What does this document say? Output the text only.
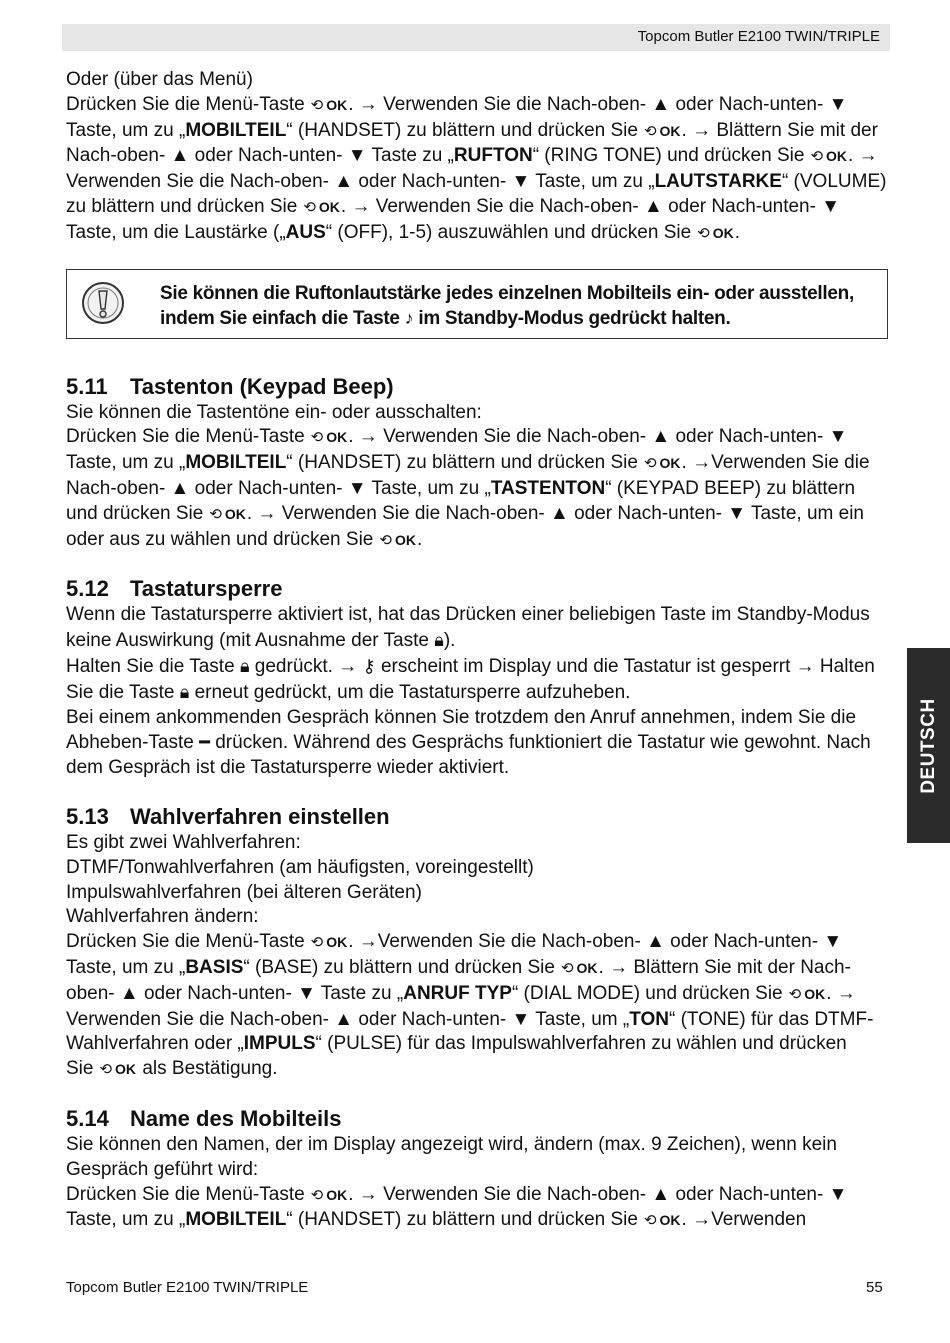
Topcom Butler E2100 TWIN/TRIPLE

Oder (über das Menü)

Drücken Sie die Menü-Taste ⟲ OK. → Verwenden Sie die Nach-oben- ▲ oder Nach-unten- ▼ Taste, um zu „MOBILTEIL“ (HANDSET) zu blättern und drücken Sie ⟲ OK. → Blättern Sie mit der Nach-oben- ▲ oder Nach-unten- ▼ Taste zu „RUFTON“ (RING TONE) und drücken Sie ⟲ OK. → Verwenden Sie die Nach-oben- ▲ oder Nach-unten- ▼ Taste, um zu „LAUTSTARKE“ (VOLUME) zu blättern und drücken Sie ⟲ OK. → Verwenden Sie die Nach-oben- ▲ oder Nach-unten- ▼ Taste, um die Laustärke („AUS“ (OFF), 1-5) auszuwählen und drücken Sie ⟲ OK.

Sie können die Ruftonlautstärke jedes einzelnen Mobilteils ein- oder ausstellen, indem Sie einfach die Taste ♪ im Standby-Modus gedrückt halten.
5.11 Tastenton (Keypad Beep)

Sie können die Tastentöne ein- oder ausschalten:

Drücken Sie die Menü-Taste ⟲ OK. → Verwenden Sie die Nach-oben- ▲ oder Nach-unten- ▼ Taste, um zu „MOBILTEIL“ (HANDSET) zu blättern und drücken Sie ⟲ OK. →Verwenden Sie die Nach-oben- ▲ oder Nach-unten- ▼ Taste, um zu „TASTENTON“ (KEYPAD BEEP) zu blättern und drücken Sie ⟲ OK. → Verwenden Sie die Nach-oben- ▲ oder Nach-unten- ▼ Taste, um ein oder aus zu wählen und drücken Sie ⟲ OK.

5.12 Tastatursperre

Wenn die Tastatursperre aktiviert ist, hat das Drücken einer beliebigen Taste im Standby-Modus keine Auswirkung (mit Ausnahme der Taste 🔒︎).

Halten Sie die Taste 🔒︎ gedrückt. → ⚷ erscheint im Display und die Tastatur ist gesperrt → Halten Sie die Taste 🔒︎ erneut gedrückt, um die Tastatursperre aufzuheben.

Bei einem ankommenden Gespräch können Sie trotzdem den Anruf annehmen, indem Sie die Abheben-Taste ━ drücken. Während des Gesprächs funktioniert die Tastatur wie gewohnt. Nach dem Gespräch ist die Tastatursperre wieder aktiviert.

5.13 Wahlverfahren einstellen

Es gibt zwei Wahlverfahren:

DTMF/Tonwahlverfahren (am häufigsten, voreingestellt)

Impulswahlverfahren (bei älteren Geräten)

Wahlverfahren ändern:

Drücken Sie die Menü-Taste ⟲ OK. →Verwenden Sie die Nach-oben- ▲ oder Nach-unten- ▼ Taste, um zu „BASIS“ (BASE) zu blättern und drücken Sie ⟲ OK. → Blättern Sie mit der Nach-oben- ▲ oder Nach-unten- ▼ Taste zu „ANRUF TYP“ (DIAL MODE) und drücken Sie ⟲ OK. → Verwenden Sie die Nach-oben- ▲ oder Nach-unten- ▼ Taste, um „TON“ (TONE) für das DTMF-Wahlverfahren oder „IMPULS“ (PULSE) für das Impulswahlverfahren zu wählen und drücken Sie ⟲ OK als Bestätigung.

5.14 Name des Mobilteils

Sie können den Namen, der im Display angezeigt wird, ändern (max. 9 Zeichen), wenn kein Gespräch geführt wird:

Drücken Sie die Menü-Taste ⟲ OK. → Verwenden Sie die Nach-oben- ▲ oder Nach-unten- ▼ Taste, um zu „MOBILTEIL“ (HANDSET) zu blättern und drücken Sie ⟲ OK. →Verwenden

DEUTSCH
Topcom Butler E2100 TWIN/TRIPLE	55
